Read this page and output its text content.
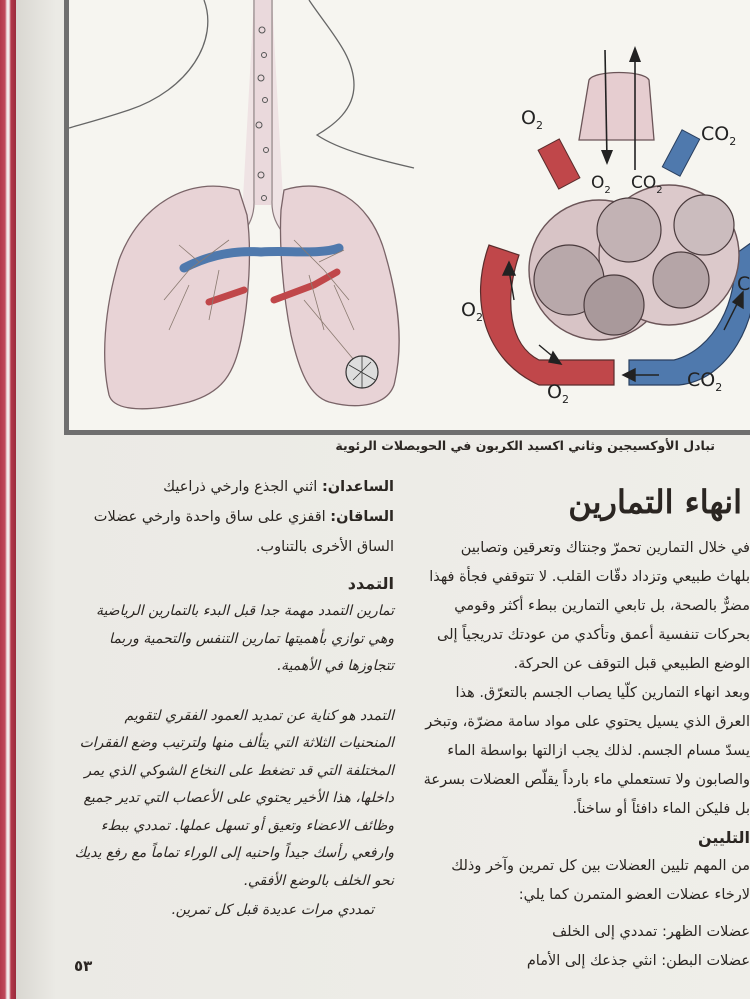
$O_2$	$CO_2$
$O_2$ $CO_2$
$O_2$
$O_2$
$CO_2$
C
تبادل الأوكسيجين وثاني اكسيد الكربون في الحويصلات الرئوية
الساعدان: اثني الجذع وارخي ذراعيك
الساقان: اقفزي على ساق واحدة وارخي عضلات
الساق الأخرى بالتناوب.
التمدد
تمارين التمدد مهمة جدا قبل البدء بالتمارين الرياضية
وهي توازي بأهميتها تمارين التنفس والتحمية وربما
تتجاوزها في الأهمية.
التمدد هو كناية عن تمديد العمود الفقري لتقويم
المنحنيات الثلاثة التي يتألف منها ولترتيب وضع الفقرات
المختلفة التي قد تضغط على النخاع الشوكي الذي يمر
داخلها، هذا الأخير يحتوي على الأعصاب التي تدير جميع
وظائف الاعضاء وتعيق أو تسهل عملها. تمددي ببطء
وارفعي رأسك جيداً واحنيه إلى الوراء تماماً مع رفع يديك
نحو الخلف بالوضع الأفقي.
تمددي مرات عديدة قبل كل تمرين.
انهاء التمارين
في خلال التمارين تحمرّ وجنتاك وتعرقين وتصابين
بلهاث طبيعي وتزداد دقّات القلب. لا تتوقفي فجأة فهذا
مضرٌّ بالصحة، بل تابعي التمارين ببطء أكثر وقومي
بحركات تنفسية أعمق وتأكدي من عودتك تدريجياً إلى
الوضع الطبيعي قبل التوقف عن الحركة.
وبعد انهاء التمارين كلّيا يصاب الجسم بالتعرّق. هذا
العرق الذي يسيل يحتوي على مواد سامة مضرّة، وتبخر
يسدّ مسام الجسم. لذلك يجب ازالتها بواسطة الماء
والصابون ولا تستعملي ماء بارداً يقلّص العضلات بسرعة
بل فليكن الماء دافئاً أو ساخناً.
التليين
من المهم تليين العضلات بين كل تمرين وآخر وذلك
لارخاء عضلات العضو المتمرن كما يلي:
عضلات الظهر: تمددي إلى الخلف
عضلات البطن: انثي جذعك إلى الأمام
٥٣
